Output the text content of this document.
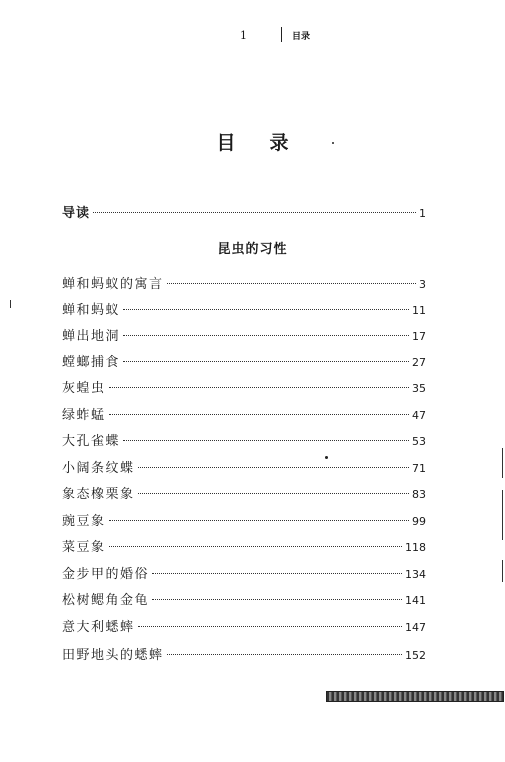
1	目录
目录
导读	1
昆虫的习性
蝉和蚂蚁的寓言	3
蝉和蚂蚁	11
蝉出地洞	17
螳螂捕食	27
灰蝗虫	35
绿蚱蜢	47
大孔雀蝶	53
小阔条纹蝶	71
象态橡栗象	83
豌豆象	99
菜豆象	118
金步甲的婚俗	134
松树鳃角金龟	141
意大利蟋蟀	147
田野地头的蟋蟀	152
